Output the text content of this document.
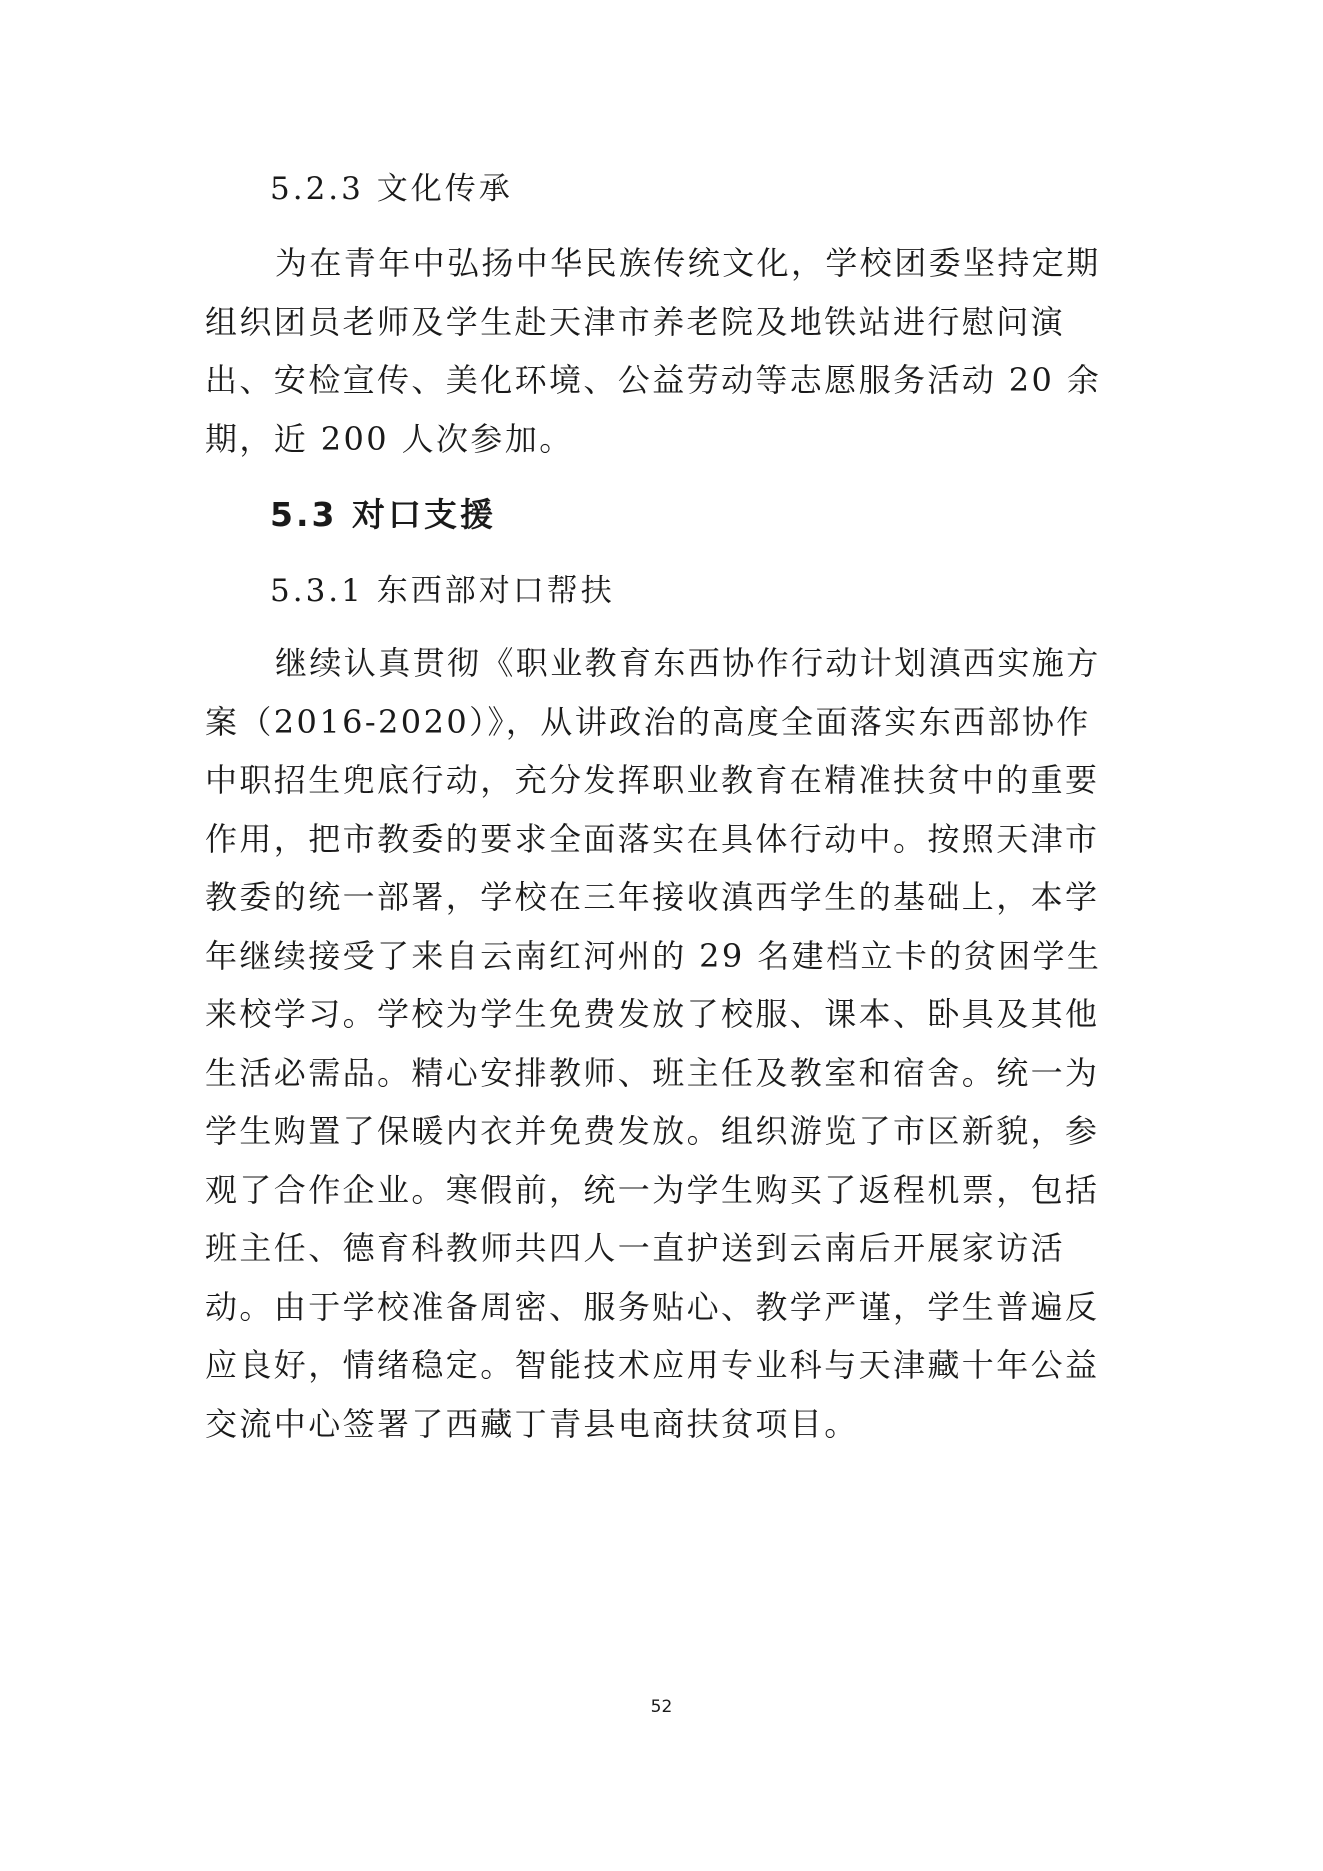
5.2.3 文化传承
为在青年中弘扬中华民族传统文化，学校团委坚持定期
组织团员老师及学生赴天津市养老院及地铁站进行慰问演
出、安检宣传、美化环境、公益劳动等志愿服务活动 20 余
期，近 200 人次参加。
5.3 对口支援
5.3.1 东西部对口帮扶
继续认真贯彻《职业教育东西协作行动计划滇西实施方
案（2016-2020）》，从讲政治的高度全面落实东西部协作
中职招生兜底行动，充分发挥职业教育在精准扶贫中的重要
作用，把市教委的要求全面落实在具体行动中。按照天津市
教委的统一部署，学校在三年接收滇西学生的基础上，本学
年继续接受了来自云南红河州的 29 名建档立卡的贫困学生
来校学习。学校为学生免费发放了校服、课本、卧具及其他
生活必需品。精心安排教师、班主任及教室和宿舍。统一为
学生购置了保暖内衣并免费发放。组织游览了市区新貌，参
观了合作企业。寒假前，统一为学生购买了返程机票，包括
班主任、德育科教师共四人一直护送到云南后开展家访活
动。由于学校准备周密、服务贴心、教学严谨，学生普遍反
应良好，情绪稳定。智能技术应用专业科与天津藏十年公益
交流中心签署了西藏丁青县电商扶贫项目。
52
